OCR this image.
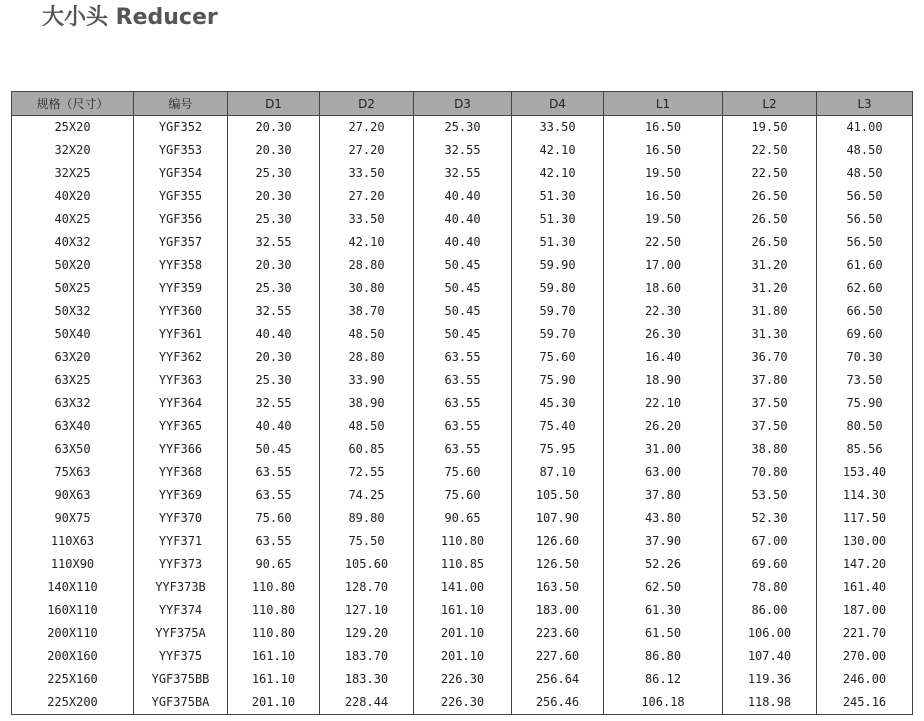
大小头 Reducer
规格（尺寸）	编号	D1	D2	D3	D4	L1	L2	L3
25X20	YGF352	20.30	27.20	25.30	33.50	16.50	19.50	41.00
32X20	YGF353	20.30	27.20	32.55	42.10	16.50	22.50	48.50
32X25	YGF354	25.30	33.50	32.55	42.10	19.50	22.50	48.50
40X20	YGF355	20.30	27.20	40.40	51.30	16.50	26.50	56.50
40X25	YGF356	25.30	33.50	40.40	51.30	19.50	26.50	56.50
40X32	YGF357	32.55	42.10	40.40	51.30	22.50	26.50	56.50
50X20	YYF358	20.30	28.80	50.45	59.90	17.00	31.20	61.60
50X25	YYF359	25.30	30.80	50.45	59.80	18.60	31.20	62.60
50X32	YYF360	32.55	38.70	50.45	59.70	22.30	31.80	66.50
50X40	YYF361	40.40	48.50	50.45	59.70	26.30	31.30	69.60
63X20	YYF362	20.30	28.80	63.55	75.60	16.40	36.70	70.30
63X25	YYF363	25.30	33.90	63.55	75.90	18.90	37.80	73.50
63X32	YYF364	32.55	38.90	63.55	45.30	22.10	37.50	75.90
63X40	YYF365	40.40	48.50	63.55	75.40	26.20	37.50	80.50
63X50	YYF366	50.45	60.85	63.55	75.95	31.00	38.80	85.56
75X63	YYF368	63.55	72.55	75.60	87.10	63.00	70.80	153.40
90X63	YYF369	63.55	74.25	75.60	105.50	37.80	53.50	114.30
90X75	YYF370	75.60	89.80	90.65	107.90	43.80	52.30	117.50
110X63	YYF371	63.55	75.50	110.80	126.60	37.90	67.00	130.00
110X90	YYF373	90.65	105.60	110.85	126.50	52.26	69.60	147.20
140X110	YYF373B	110.80	128.70	141.00	163.50	62.50	78.80	161.40
160X110	YYF374	110.80	127.10	161.10	183.00	61.30	86.00	187.00
200X110	YYF375A	110.80	129.20	201.10	223.60	61.50	106.00	221.70
200X160	YYF375	161.10	183.70	201.10	227.60	86.80	107.40	270.00
225X160	YGF375BB	161.10	183.30	226.30	256.64	86.12	119.36	246.00
225X200	YGF375BA	201.10	228.44	226.30	256.46	106.18	118.98	245.16
